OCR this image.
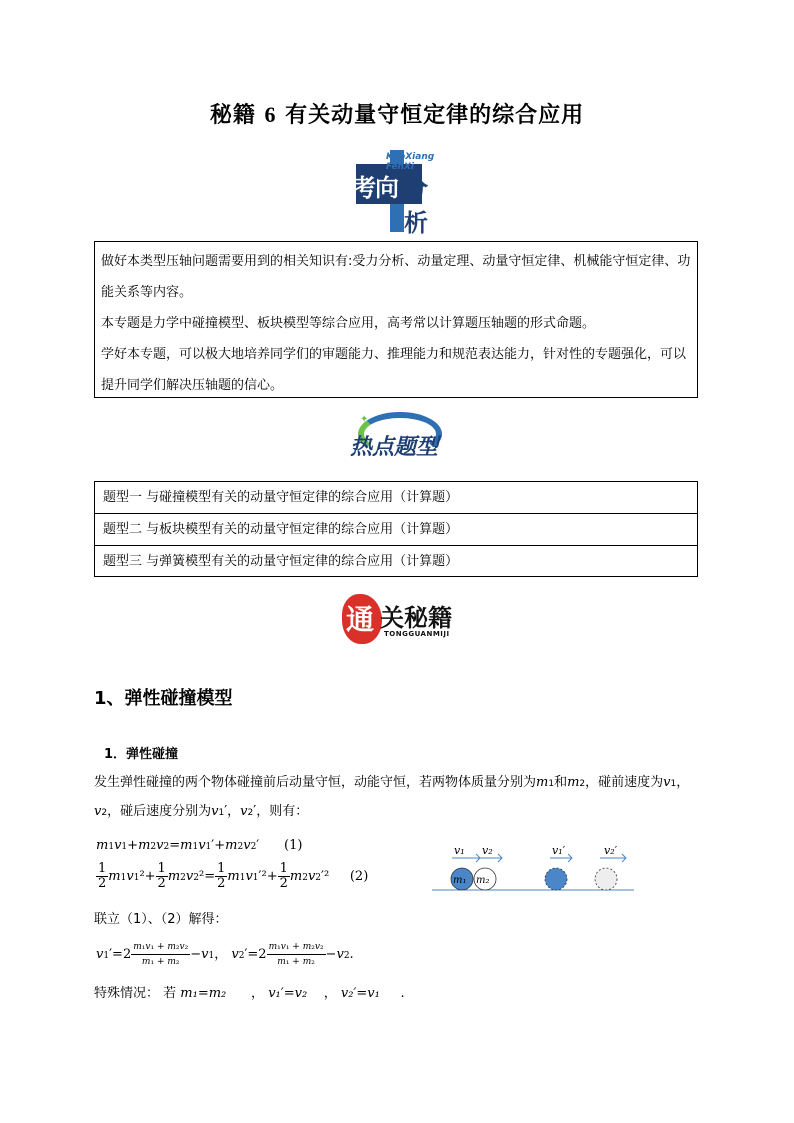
秘籍 6 有关动量守恒定律的综合应用
KaoXiang
FenXi
考向 分析

做好本类型压轴问题需要用到的相关知识有:受力分析、动量定理、动量守恒定律、机械能守恒定律、功能关系等内容。

本专题是力学中碰撞模型、板块模型等综合应用，高考常以计算题压轴题的形式命题。

学好本专题，可以极大地培养同学们的审题能力、推理能力和规范表达能力，针对性的专题强化，可以提升同学们解决压轴题的信心。

✦
热点题型
题型一 与碰撞模型有关的动量守恒定律的综合应用（计算题）
题型二 与板块模型有关的动量守恒定律的综合应用（计算题）
题型三 与弹簧模型有关的动量守恒定律的综合应用（计算题）
通 关秘籍
TONGGUANMIJI
1、弹性碰撞模型
1．弹性碰撞
发生弹性碰撞的两个物体碰撞前后动量守恒，动能守恒，若两物体质量分别为m1和m2，碰前速度为v1，v2，碰后速度分别为v1′，v2′，则有：
m1v1+m2v2=m1v1′+m2v2′      (1)
$\frac{1}{2} m1v1^2+ \frac{1}{2} m2v2^2= \frac{1}{2} m1v1'^2+ \frac{1}{2} m2v2'^2$     (2)
联立（1）、（2）解得：
$v1'=2 \frac{\text{m₁v₁ + m₂v₂}}{\text{m₁ + m₂}} -v1$， $v2'=2 \frac{\text{m₁v₁ + m₂v₂}}{\text{m₁ + m₂}} -v2$.
特殊情况： 若 m₁=m₂      ， v₁′=v₂    ， v₂′=v₁ .
v₁ v₂
m₁ m₂
v₁′	v₂′
